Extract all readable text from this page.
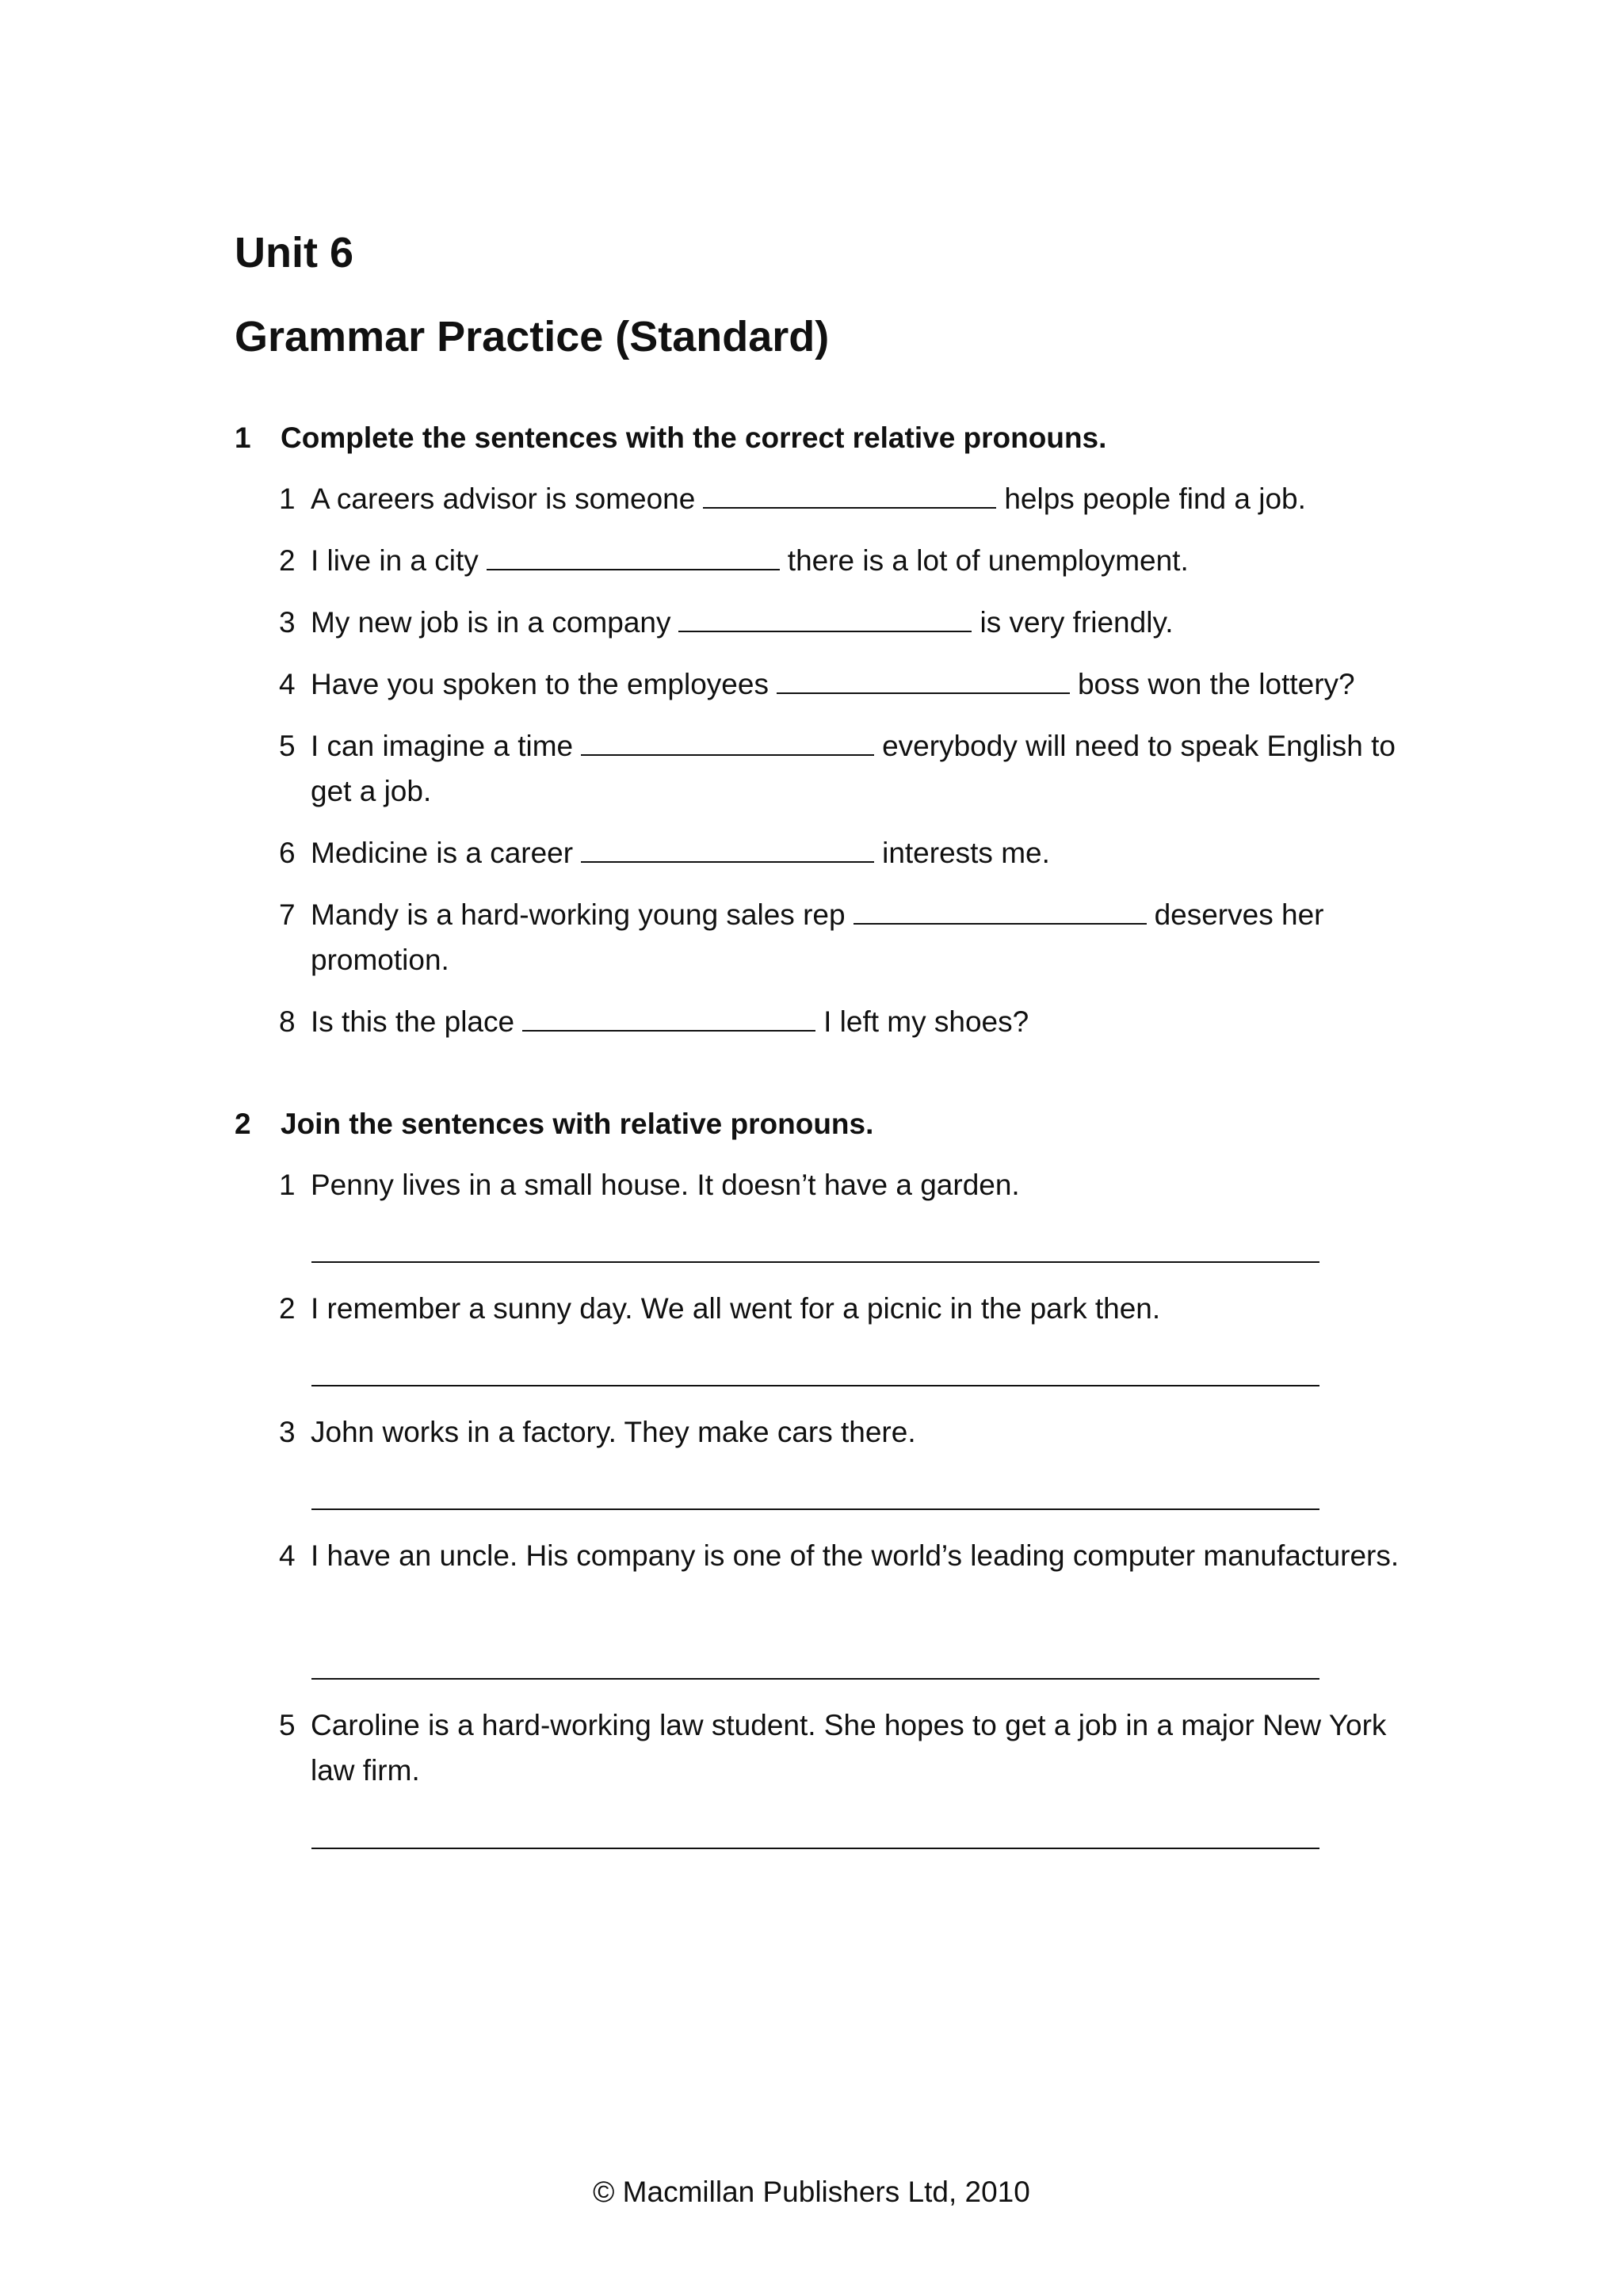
Unit 6
Grammar Practice (Standard)
1	Complete the sentences with the correct relative pronouns.
1 A careers advisor is someone	helps people find a job.
2 I live in a city	there is a lot of unemployment.
3 My new job is in a company	is very friendly.
4 Have you spoken to the employees	boss won the lottery?
5 I can imagine a time	everybody will need to speak English to get a job.
6 Medicine is a career	interests me.
7 Mandy is a hard-working young sales rep	deserves her promotion.
8 Is this the place	I left my shoes?
2	Join the sentences with relative pronouns.
1 Penny lives in a small house. It doesn’t have a garden.
2 I remember a sunny day. We all went for a picnic in the park then.
3 John works in a factory. They make cars there.
4 I have an uncle. His company is one of the world’s leading computer manufacturers.
5 Caroline is a hard-working law student. She hopes to get a job in a major New York law firm.
© Macmillan Publishers Ltd, 2010
